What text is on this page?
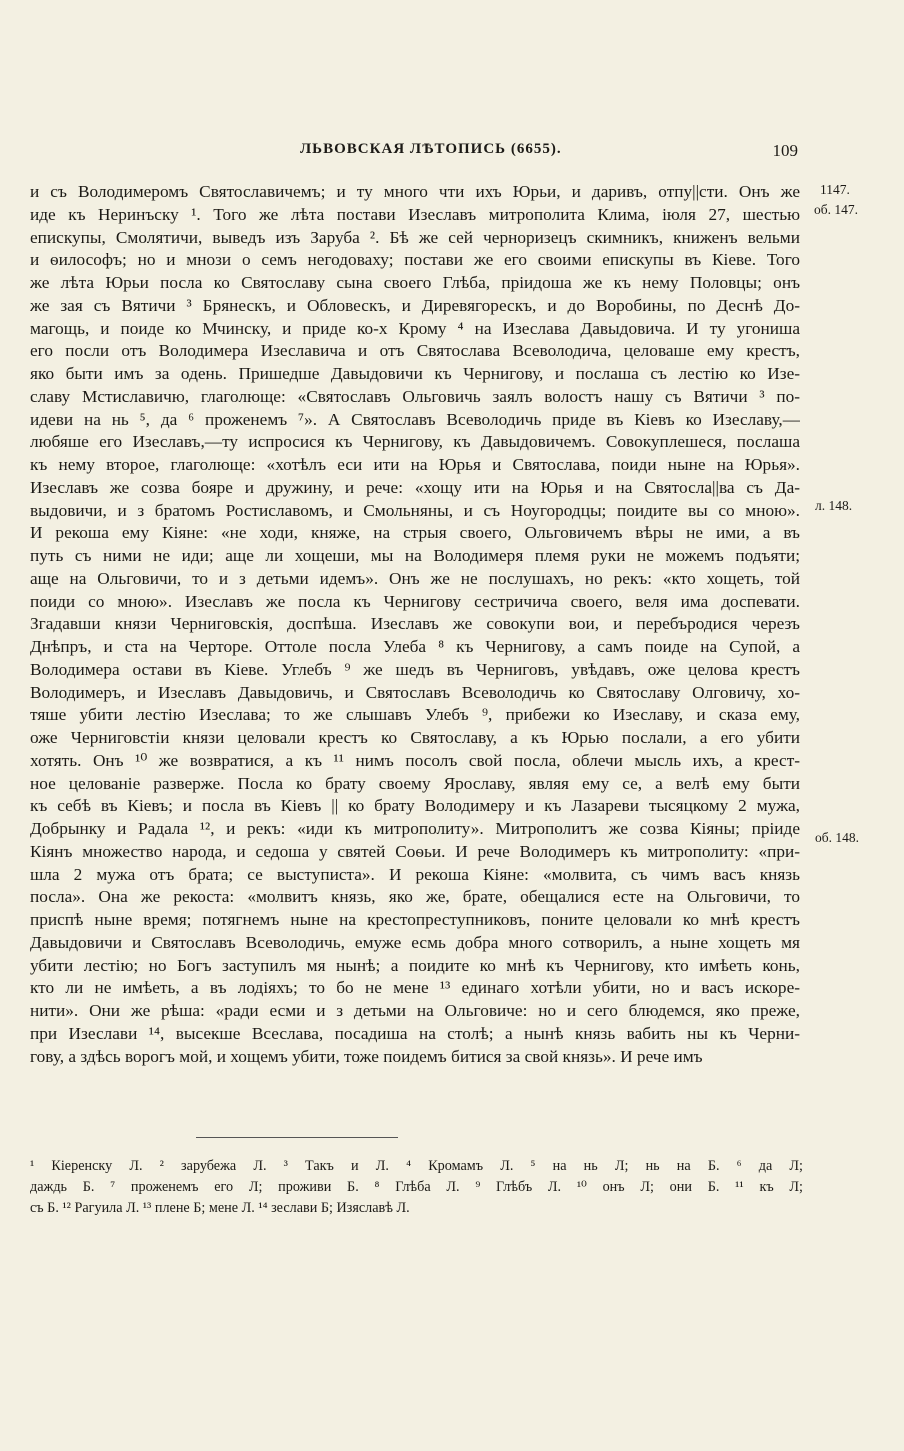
ЛЬВОВСКАЯ ЛѢТОПИСЬ (6655).	109
1147.
об. 147.
л. 148.
об. 148.
и съ Володимеромъ Святославичемъ; и ту много чти ихъ Юрьи, и даривъ, отпу||сти. Онъ же
иде къ Неринъску ¹. Того же лѣта постави Изеславъ митрополита Клима, іюля 27, шестью
епискупы, Смолятичи, выведъ изъ Заруба ². Бѣ же сей черноризецъ скимникъ, книженъ вельми
и ѳилософъ; но и мнози о семъ негодоваху; постави же его своими епискупы въ Кіеве. Того
же лѣта Юрьи посла ко Святославу сына своего Глѣба, пріидоша же къ нему Половцы; онъ
же зая съ Вятичи ³ Брянескъ, и Обловескъ, и Диревягорескъ, и до Воробины, по Деснѣ До-
магощь, и поиде ко Мчинску, и приде ко-х Крому ⁴ на Изеслава Давыдовича. И ту угониша
его посли отъ Володимера Изеславича и отъ Святослава Всеволодича, целоваше ему крестъ,
яко быти имъ за одень. Пришедше Давыдовичи къ Чернигову, и послаша съ лестію ко Изе-
славу Мстиславичю, глаголюще: «Святославъ Ольговичь заялъ волостъ нашу съ Вятичи ³ по-
идеви на нь ⁵, да ⁶ проженемъ ⁷». А Святославъ Всеволодичь приде въ Кіевъ ко Изеславу,—
любяше его Изеславъ,—ту испросися къ Чернигову, къ Давыдовичемъ. Совокуплешеся, послаша
къ нему второе, глаголюще: «хотѣлъ еси ити на Юрья и Святослава, поиди ныне на Юрья».
Изеславъ же созва бояре и дружину, и рече: «хощу ити на Юрья и на Святосла||ва съ Да-
выдовичи, и з братомъ Ростиславомъ, и Смольняны, и съ Ноугородцы; поидите вы со мною».
И рекоша ему Кіяне: «не ходи, княже, на стрыя своего, Ольговичемъ вѣры не ими, а въ
путь съ ними не иди; аще ли хощеши, мы на Володимеря племя руки не можемъ подъяти;
аще на Ольговичи, то и з детьми идемъ». Онъ же не послушахъ, но рекъ: «кто хощеть, той
поиди со мною». Изеславъ же посла къ Чернигову сестричича своего, веля има доспевати.
Згадавши князи Черниговскія, доспѣша. Изеславъ же совокупи вои, и перебъродися черезъ
Днѣпръ, и ста на Черторе. Оттоле посла Улеба ⁸ къ Чернигову, а самъ поиде на Супой, а
Володимера остави въ Кіеве. Углебъ ⁹ же шедъ въ Черниговъ, увѣдавъ, оже целова крестъ
Володимеръ, и Изеславъ Давыдовичь, и Святославъ Всеволодичь ко Святославу Олговичу, хо-
тяше убити лестію Изеслава; то же слышавъ Улебъ ⁹, прибежи ко Изеславу, и сказа ему,
оже Черниговстіи князи целовали крестъ ко Святославу, а къ Юрью послали, а его убити
хотять. Онъ ¹⁰ же возвратися, а къ ¹¹ нимъ посолъ свой посла, облечи мысль ихъ, а крест-
ное целованіе разверже. Посла ко брату своему Ярославу, являя ему се, а велѣ ему быти
къ себѣ въ Кіевъ; и посла въ Кіевъ || ко брату Володимеру и къ Лазареви тысяцкому 2 мужа,
Добрынку и Радала ¹², и рекъ: «иди къ митрополиту». Митрополитъ же созва Кіяны; пріиде
Кіянъ множество народа, и седоша у святей Соѳьи. И рече Володимеръ къ митрополиту: «при-
шла 2 мужа отъ брата; се выступиста». И рекоша Кіяне: «молвита, съ чимъ васъ князь
посла». Она же рекоста: «молвитъ князь, яко же, брате, обещалися есте на Ольговичи, то
приспѣ ныне время; потягнемъ ныне на крестопреступниковъ, поните целовали ко мнѣ крестъ
Давыдовичи и Святославъ Всеволодичь, емуже есмь добра много сотворилъ, а ныне хощеть мя
убити лестію; но Богъ заступилъ мя нынѣ; а поидите ко мнѣ къ Чернигову, кто имѣеть конь,
кто ли не имѣеть, а въ лодіяхъ; то бо не мене ¹³ единаго хотѣли убити, но и васъ искоре-
нити». Они же рѣша: «ради есми и з детьми на Ольговиче: но и сего блюдемся, яко преже,
при Изеслави ¹⁴, высекше Всеслава, посадиша на столѣ; а нынѣ князь вабить ны къ Черни-
гову, а здѣсь ворогъ мой, и хощемъ убити, тоже поидемъ битися за свой князь». И рече имъ
¹ Кіеренску Л. ² зарубежа Л. ³ Такъ и Л. ⁴ Кромамъ Л. ⁵ на нь Л; нь на Б. ⁶ да Л;
даждь Б. ⁷ проженемъ его Л; проживи Б. ⁸ Глѣба Л. ⁹ Глѣбъ Л. ¹⁰ онъ Л; они Б. ¹¹ къ Л;
съ Б. ¹² Рагуила Л. ¹³ плене Б; мене Л. ¹⁴ зеслави Б; Изяславѣ Л.
